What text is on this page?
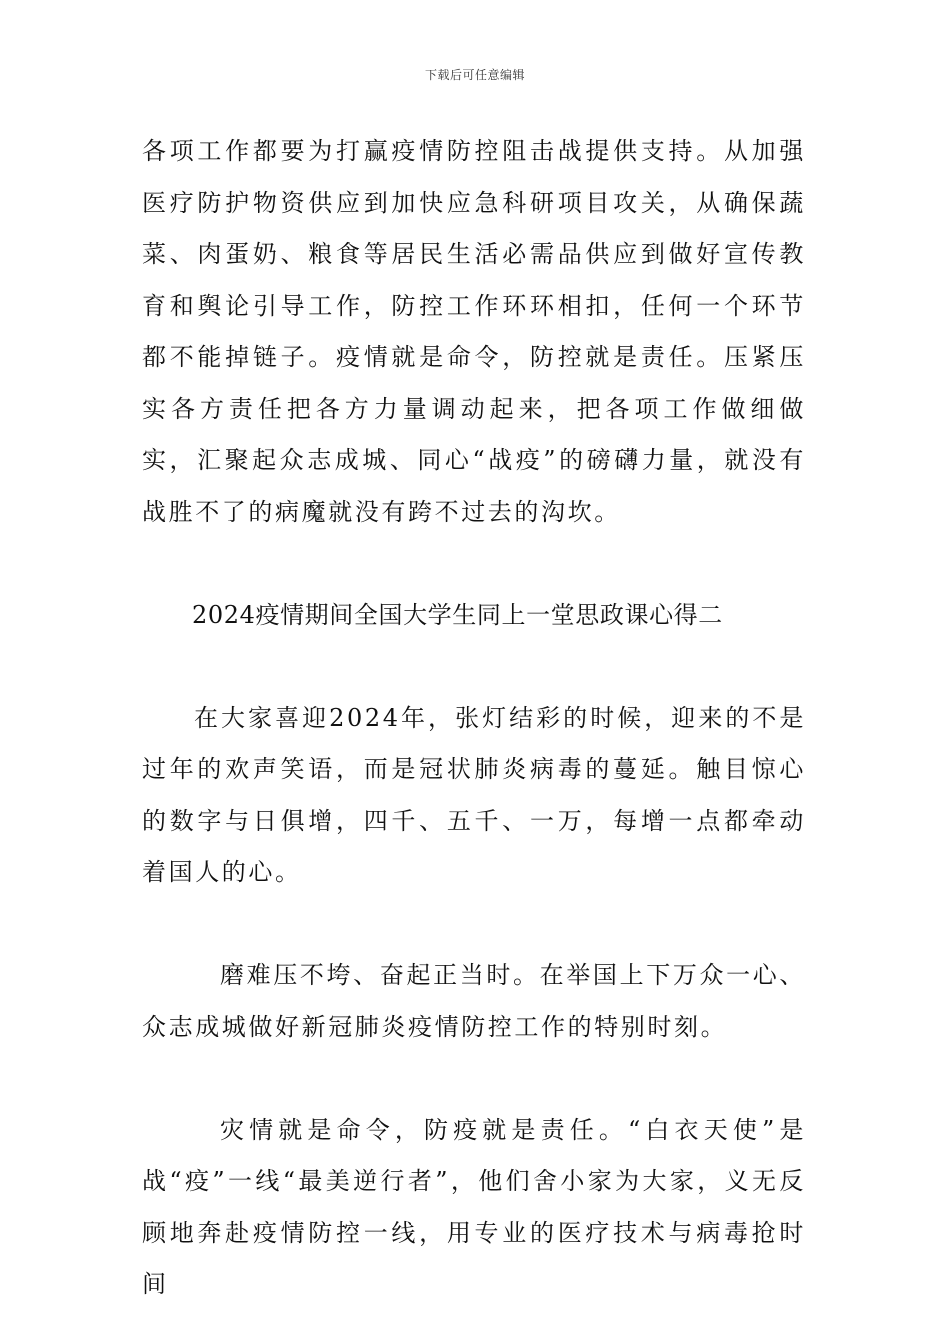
下载后可任意编辑

各项工作都要为打赢疫情防控阻击战提供支持。从加强医疗防护物资供应到加快应急科研项目攻关，从确保蔬菜、肉蛋奶、粮食等居民生活必需品供应到做好宣传教育和舆论引导工作，防控工作环环相扣，任何一个环节都不能掉链子。疫情就是命令，防控就是责任。压紧压实各方责任把各方力量调动起来，把各项工作做细做实，汇聚起众志成城、同心“战疫”的磅礴力量，就没有战胜不了的病魔就没有跨不过去的沟坎。

2024疫情期间全国大学生同上一堂思政课心得二

在大家喜迎2024年，张灯结彩的时候，迎来的不是过年的欢声笑语，而是冠状肺炎病毒的蔓延。触目惊心的数字与日俱增，四千、五千、一万，每增一点都牵动着国人的心。

磨难压不垮、奋起正当时。在举国上下万众一心、众志成城做好新冠肺炎疫情防控工作的特别时刻。

灾情就是命令，防疫就是责任。“白衣天使”是战“疫”一线“最美逆行者”，他们舍小家为大家，义无反顾地奔赴疫情防控一线，用专业的医疗技术与病毒抢时间
